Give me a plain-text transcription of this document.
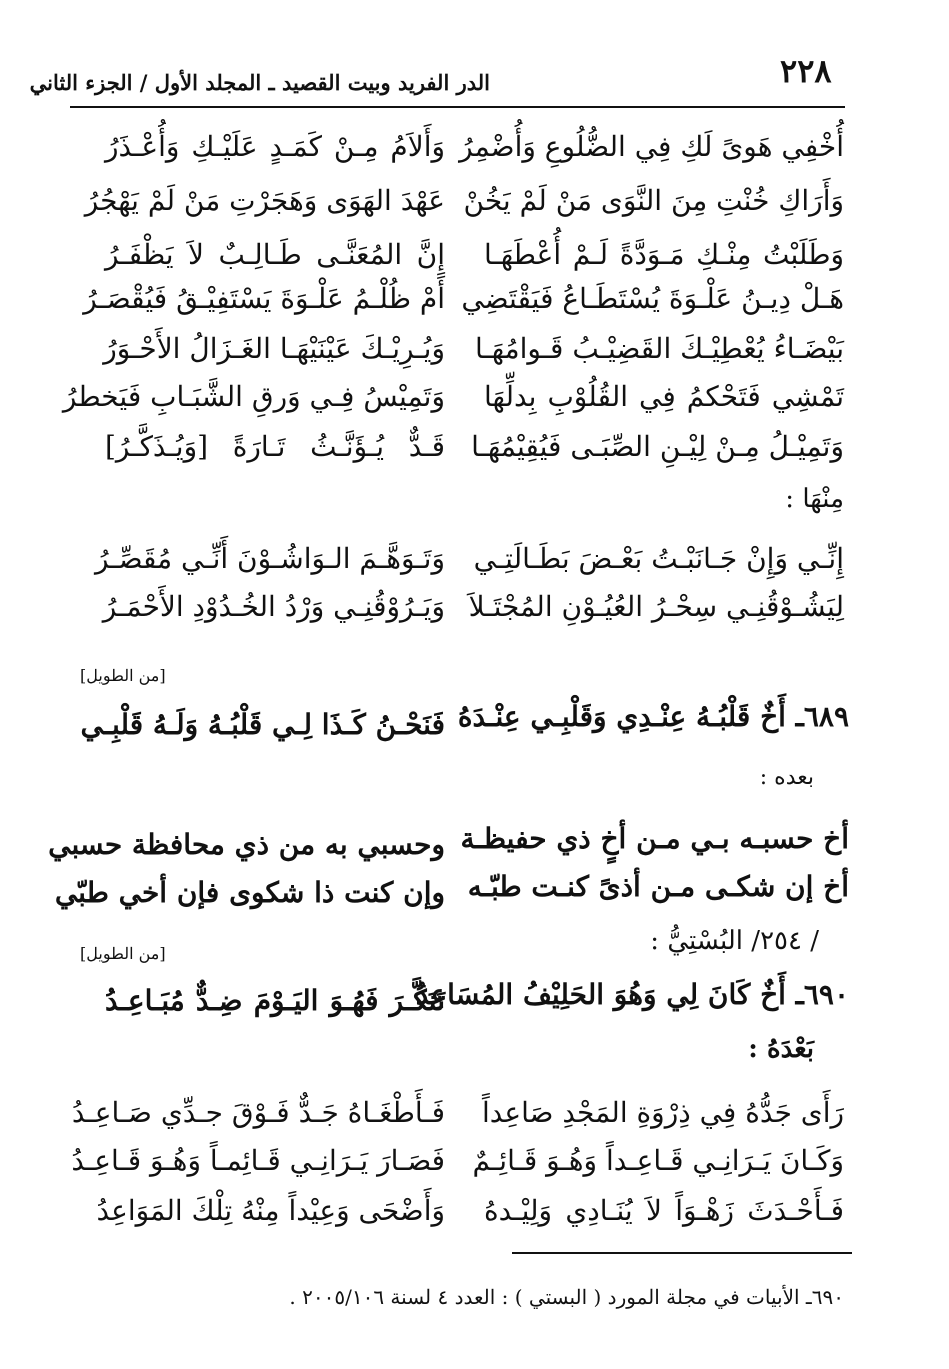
٢٢٨
الدر الفريد وبيت القصيد ـ المجلد الأول / الجزء الثاني
أُخْفِي هَوىً لَكِ فِي الضُّلُوعِ وَأُضْمِرُ
وَأَلاَمُ مِـنْ كَمَـدٍ عَلَيْـكِ وَأُعْـذَرُ
وَأَرَاكِ خُنْتِ مِنَ النَّوَى مَنْ لَمْ يَخُنْ
عَهْدَ الهَوَى وَهَجَرْتِ مَنْ لَمْ يَهْجُرُ
وَطَلَبْتُ مِنْـكِ مَـوَدَّةً لَـمْ أُعْطَهَـا
إِنَّ المُعَنَّـى طَـالِـبٌ لاَ يَظْفَـرُ
هَـلْ دِيـنُ عَلْـوَةَ يُسْتَطَـاعُ فَيَقْتَضِي
أَمْ ظُلْـمُ عَلْـوَةَ يَسْتَفِيْـقُ فَيُقْصَـرُ
بَيْضَـاءُ يُعْطِيْـكَ القَضِيْـبُ قَـوامُهَـا
وَيُـرِيْـكَ عَيْنَيْهَـا الغَـزَالُ الأَحْـوَرُ
تَمْشِي فَتَحْكمُ فِي القُلُوْبِ بِدلِّهَا
وَتَمِيْسُ فِـي وَرقِ الشَّبَـابِ فَيَخطرُ
وَتَمِيْـلُ مِـنْ لِيْـنِ الصِّبَـى فَيُقِيْمُهَـا
قَـدٌّ يُـؤَنَّـثُ تَـارَةً [وَيُـذَكَّـرُ]
مِنْهَا :
إِنِّـي وَإِنْ جَـانَبْـتُ بَعْـضَ بَطَـالَتِـي
وَتَـوَهَّـمَ الـوَاشُـوْنَ أَنِّـي مُقَصِّـرُ
لِيَشُـوْقُنِـي سِحْـرُ العُيُـوْنِ المُجْتَـلاَ
وَيَـرُوْقُنِـي وَرْدُ الخُـدُوْدِ الأَحْمَـرُ
[من الطويل]
٦٨٩ـ أَخٌ قَلْبُـهُ عِنْـدِي وَقَلْبِـي عِنْـدَهُ
فَنَحْـنُ كَـذَا لِـي قَلْبُـهُ وَلَـهُ قَلْبِـي
بعده :
أخ حسبـه بـي مـن أخٍ ذي حفيظـة
وحسبي به من ذي محافظة حسبي
أخ إن شكـى مـن أذىً كنـت طبّـه
وإن كنت ذا شكوى فإن أخي طبّي
/ ٢٥٤/ البُسْتِيُّ :
[من الطويل]
٦٩٠ـ أَخٌ كَانَ لِي وَهُوَ الحَلِيْفُ المُسَاعِدُ
تَنَكَّـرَ فَهُـوَ اليَـوْمَ ضِـدٌّ مُبَـاعِـدُ
بَعْدَهُ :
رَأَى جَدُّهُ فِي ذِرْوَةِ المَجْدِ صَاعِداً
فَـأَطْغَـاهُ جَـدٌّ فَـوْقَ جـدِّي صَـاعِـدُ
وَكَـانَ يَـرَانِـي قَـاعِـداً وَهُـوَ قَـائِـمٌ
فَصَـارَ يَـرَانِـي قَـائِمـاً وَهُـوَ قَـاعِـدُ
فَـأَحْـدَثَ زَهْـوَاً لاَ يُنَـادِي وَلِيْـدهُ
وَأَضْحَى وَعِيْداً مِنْهُ تِلْكَ المَوَاعِدُ
٦٩٠ـ الأبيات في مجلة المورد ( البستي ) : العدد ٤ لسنة ٢٠٠٥/١٠٦ .
